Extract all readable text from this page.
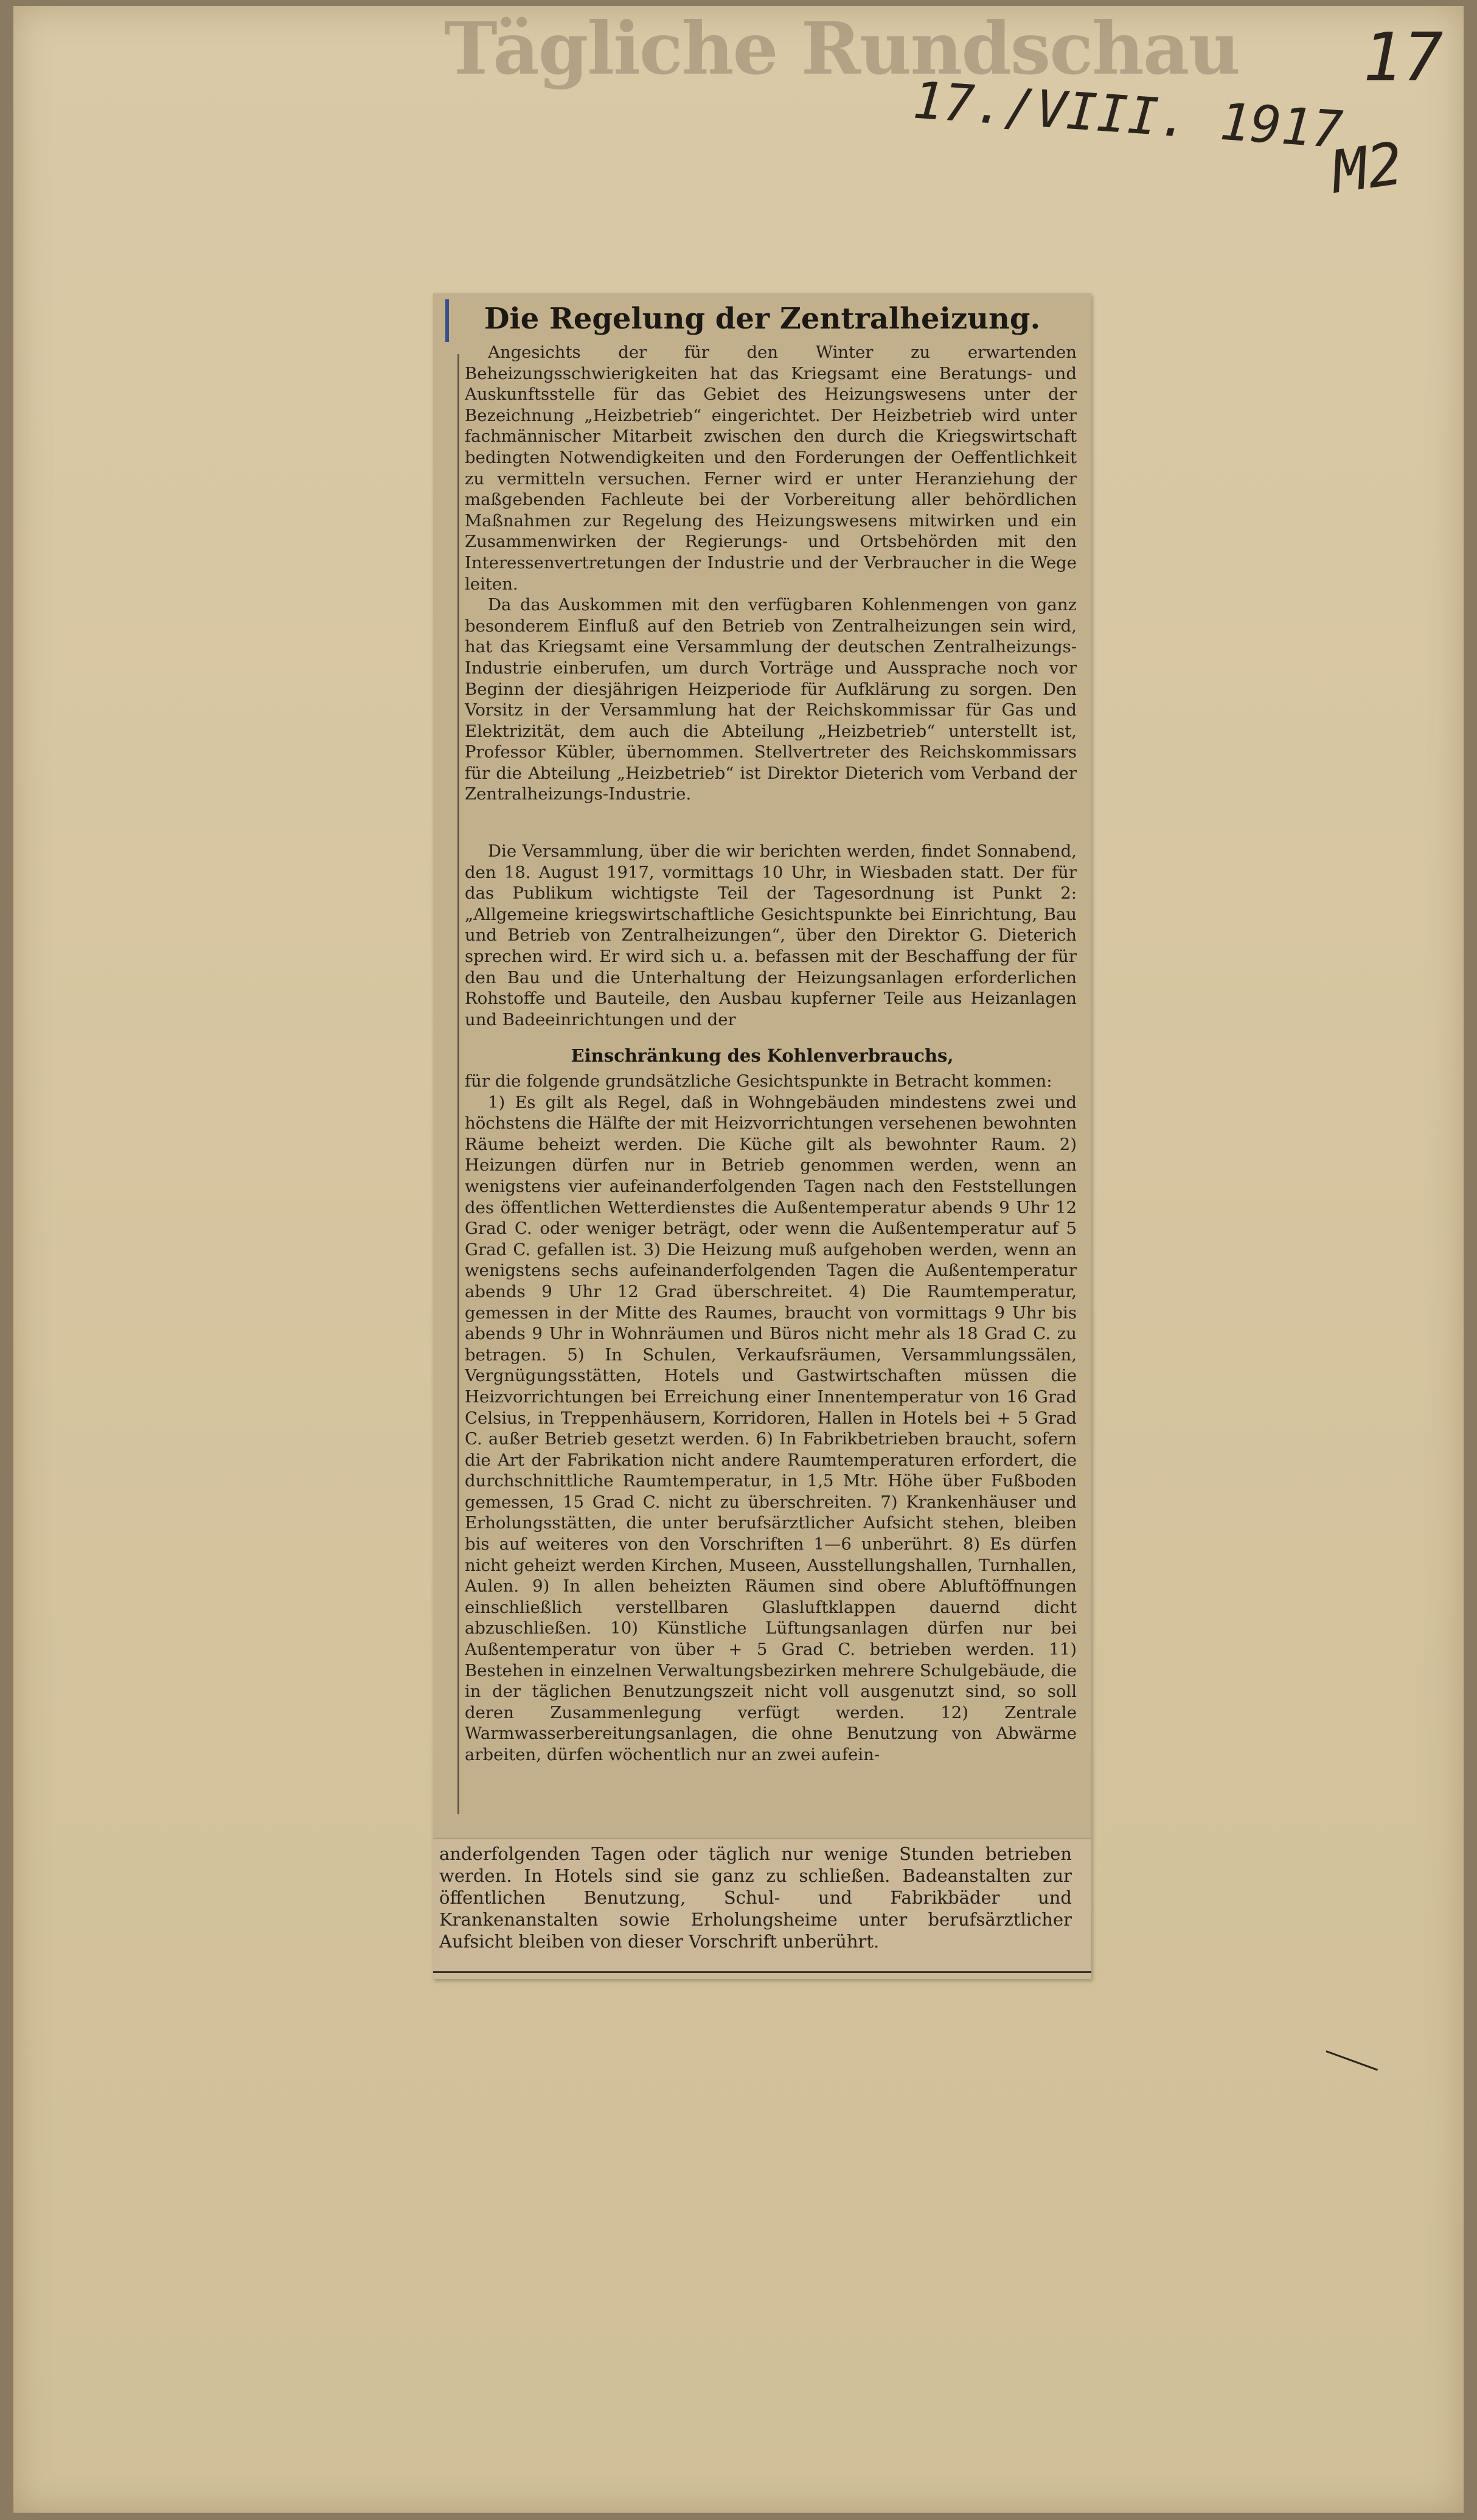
Tägliche Rundschau
17./VIII. 1917
17
M2
Die Regelung der Zentralheizung.

Angesichts der für den Winter zu erwartenden Beheizungsschwierigkeiten hat das Kriegsamt eine Beratungs- und Auskunftsstelle für das Gebiet des Heizungswesens unter der Bezeichnung „Heizbetrieb“ eingerichtet. Der Heizbetrieb wird unter fachmännischer Mitarbeit zwischen den durch die Kriegswirtschaft bedingten Notwendigkeiten und den Forderungen der Oeffentlichkeit zu vermitteln versuchen. Ferner wird er unter Heranziehung der maßgebenden Fachleute bei der Vorbereitung aller behördlichen Maßnahmen zur Regelung des Heizungswesens mitwirken und ein Zusammenwirken der Regierungs- und Ortsbehörden mit den Interessenvertretungen der Industrie und der Verbraucher in die Wege leiten.

Da das Auskommen mit den verfügbaren Kohlenmengen von ganz besonderem Einfluß auf den Betrieb von Zentralheizungen sein wird, hat das Kriegsamt eine Versammlung der deutschen Zentralheizungs-Industrie einberufen, um durch Vorträge und Aussprache noch vor Beginn der diesjährigen Heizperiode für Aufklärung zu sorgen. Den Vorsitz in der Versammlung hat der Reichskommissar für Gas und Elektrizität, dem auch die Abteilung „Heizbetrieb“ unterstellt ist, Professor Kübler, übernommen. Stellvertreter des Reichskommissars für die Abteilung „Heizbetrieb“ ist Direktor Dieterich vom Verband der Zentralheizungs-Industrie.

Die Versammlung, über die wir berichten werden, findet Sonnabend, den 18. August 1917, vormittags 10 Uhr, in Wiesbaden statt. Der für das Publikum wichtigste Teil der Tagesordnung ist Punkt 2: „Allgemeine kriegswirtschaftliche Gesichtspunkte bei Einrichtung, Bau und Betrieb von Zentralheizungen“, über den Direktor G. Dieterich sprechen wird. Er wird sich u. a. befassen mit der Beschaffung der für den Bau und die Unterhaltung der Heizungsanlagen erforderlichen Rohstoffe und Bauteile, den Ausbau kupferner Teile aus Heizanlagen und Badeeinrichtungen und der

Einschränkung des Kohlenverbrauchs,

für die folgende grundsätzliche Gesichtspunkte in Betracht kommen:

1) Es gilt als Regel, daß in Wohngebäuden mindestens zwei und höchstens die Hälfte der mit Heizvorrichtungen versehenen bewohnten Räume beheizt werden. Die Küche gilt als bewohnter Raum. 2) Heizungen dürfen nur in Betrieb genommen werden, wenn an wenigstens vier aufeinanderfolgenden Tagen nach den Feststellungen des öffentlichen Wetterdienstes die Außentemperatur abends 9 Uhr 12 Grad C. oder weniger beträgt, oder wenn die Außentemperatur auf 5 Grad C. gefallen ist. 3) Die Heizung muß aufgehoben werden, wenn an wenigstens sechs aufeinanderfolgenden Tagen die Außentemperatur abends 9 Uhr 12 Grad überschreitet. 4) Die Raumtemperatur, gemessen in der Mitte des Raumes, braucht von vormittags 9 Uhr bis abends 9 Uhr in Wohnräumen und Büros nicht mehr als 18 Grad C. zu betragen. 5) In Schulen, Verkaufsräumen, Versammlungssälen, Vergnügungsstätten, Hotels und Gastwirtschaften müssen die Heizvorrichtungen bei Erreichung einer Innentemperatur von 16 Grad Celsius, in Treppenhäusern, Korridoren, Hallen in Hotels bei + 5 Grad C. außer Betrieb gesetzt werden. 6) In Fabrikbetrieben braucht, sofern die Art der Fabrikation nicht andere Raumtemperaturen erfordert, die durchschnittliche Raumtemperatur, in 1,5 Mtr. Höhe über Fußboden gemessen, 15 Grad C. nicht zu überschreiten. 7) Krankenhäuser und Erholungsstätten, die unter berufsärztlicher Aufsicht stehen, bleiben bis auf weiteres von den Vorschriften 1—6 unberührt. 8) Es dürfen nicht geheizt werden Kirchen, Museen, Ausstellungshallen, Turnhallen, Aulen. 9) In allen beheizten Räumen sind obere Abluftöffnungen einschließlich verstellbaren Glasluftklappen dauernd dicht abzuschließen. 10) Künstliche Lüftungsanlagen dürfen nur bei Außentemperatur von über + 5 Grad C. betrieben werden. 11) Bestehen in einzelnen Verwaltungsbezirken mehrere Schulgebäude, die in der täglichen Benutzungszeit nicht voll ausgenutzt sind, so soll deren Zusammenlegung verfügt werden. 12) Zentrale Warmwasserbereitungsanlagen, die ohne Benutzung von Abwärme arbeiten, dürfen wöchentlich nur an zwei aufein-

anderfolgenden Tagen oder täglich nur wenige Stunden betrieben werden. In Hotels sind sie ganz zu schließen. Badeanstalten zur öffentlichen Benutzung, Schul- und Fabrikbäder und Krankenanstalten sowie Erholungsheime unter berufsärztlicher Aufsicht bleiben von dieser Vorschrift unberührt.
